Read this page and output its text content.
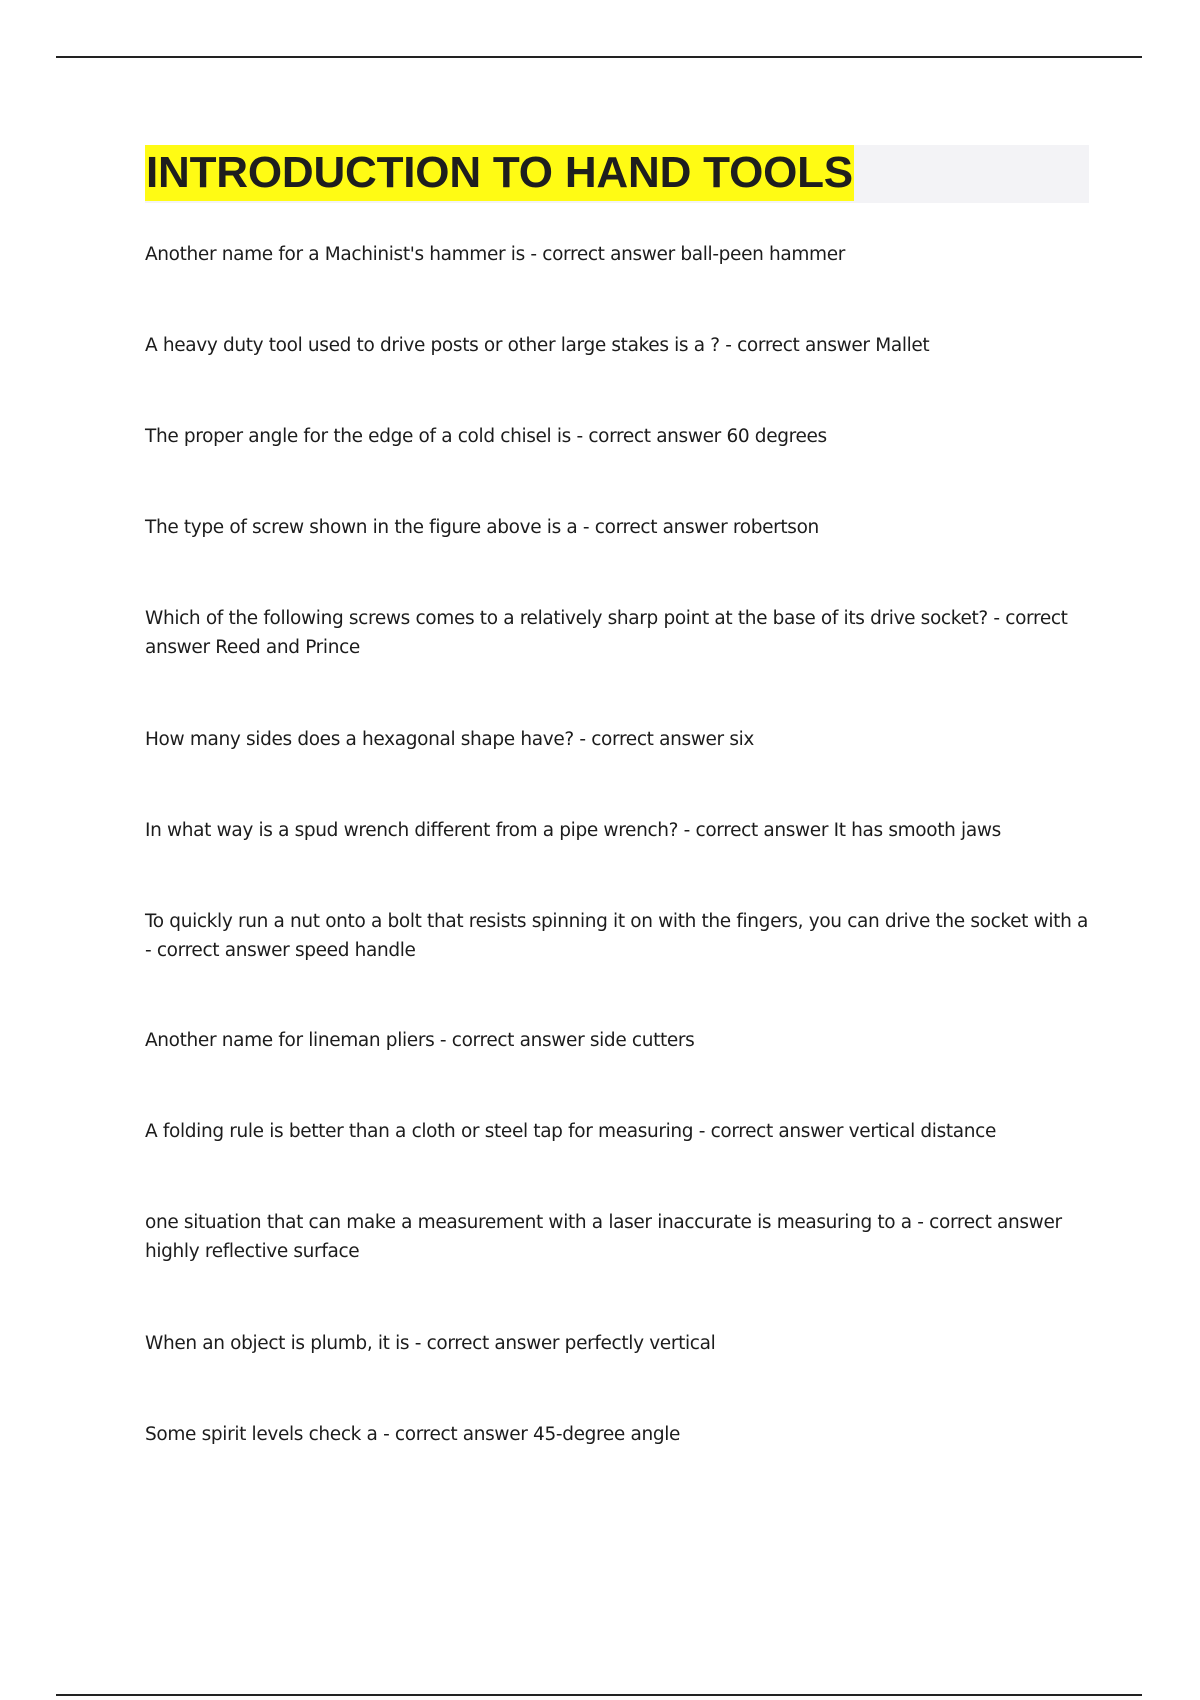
INTRODUCTION TO HAND TOOLS
Another name for a Machinist's hammer is - correct answer ball-peen hammer
A heavy duty tool used to drive posts or other large stakes is a ? - correct answer Mallet
The proper angle for the edge of a cold chisel is - correct answer 60 degrees
The type of screw shown in the figure above is a - correct answer robertson
Which of the following screws comes to a relatively sharp point at the base of its drive socket? - correct answer Reed and Prince
How many sides does a hexagonal shape have? - correct answer six
In what way is a spud wrench different from a pipe wrench? - correct answer It has smooth jaws
To quickly run a nut onto a bolt that resists spinning it on with the fingers, you can drive the socket with a - correct answer speed handle
Another name for lineman pliers - correct answer side cutters
A folding rule is better than a cloth or steel tap for measuring - correct answer vertical distance
one situation that can make a measurement with a laser inaccurate is measuring to a - correct answer highly reflective surface
When an object is plumb, it is - correct answer perfectly vertical
Some spirit levels check a - correct answer 45-degree angle
